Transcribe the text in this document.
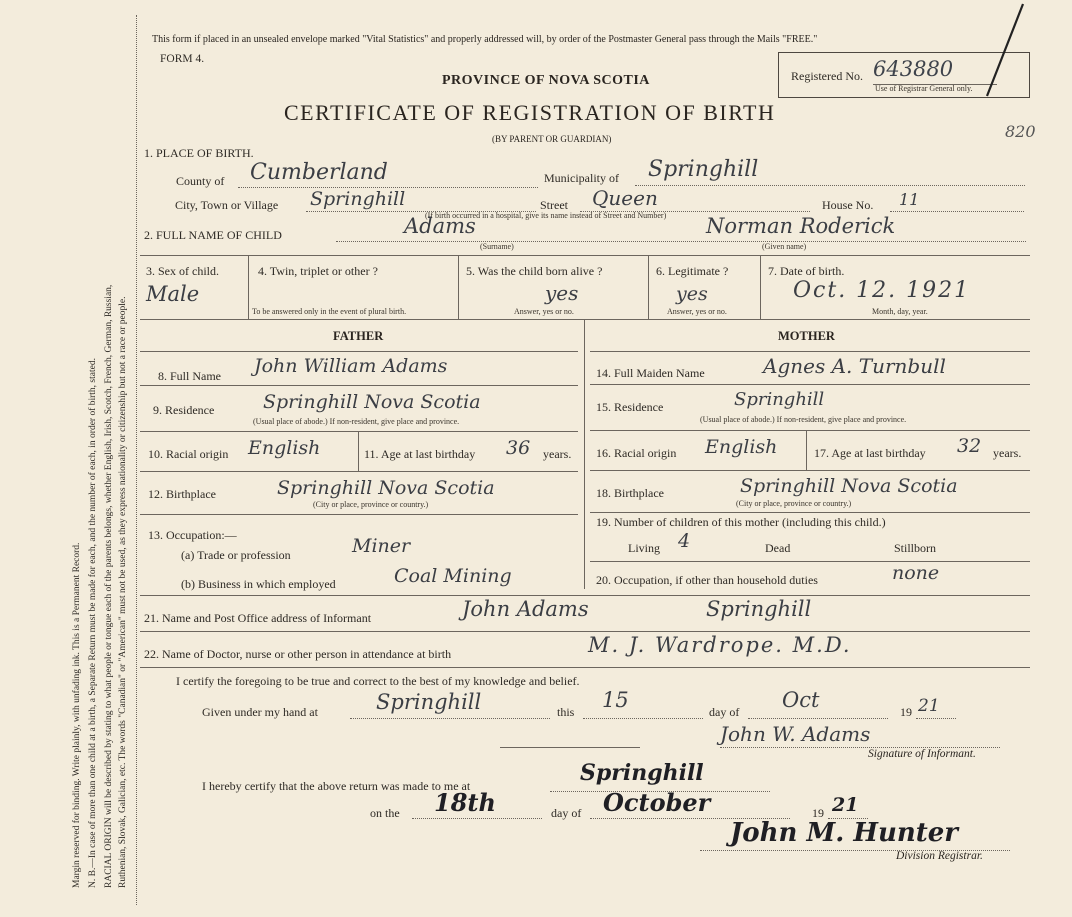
Margin reserved for binding. Write plainly, with unfading ink. This is a Permanent Record. N. B.—In case of more than one child at a birth, a Separate Return must be made for each, and the number of each, in order of birth, stated. RACIAL ORIGIN will be described by stating to what people or tongue each of the parents belongs, whether English, Irish, Scotch, French, German, Russian, Ruthenian, Slovak, Galician, etc. The words "Canadian" or "American" must not be used, as they express nationality or citizenship but not a race or people.
This form if placed in an unsealed envelope marked "Vital Statistics" and properly addressed will, by order of the Postmaster General pass through the Mails "FREE."
FORM 4.
PROVINCE OF NOVA SCOTIA
CERTIFICATE OF REGISTRATION OF BIRTH
(BY PARENT OR GUARDIAN)
Registered No. 643880
Use of Registrar General only.
820
1. PLACE OF BIRTH.
County of Cumberland	Municipality of Springhill
City, Town or Village Springhill	Street Queen	House No. 11
(If birth occurred in a hospital, give its name instead of Street and Number)
2. FULL NAME OF CHILD	Adams
(Surname)
Norman Roderick
(Given name)
3. Sex of child.
Male
4. Twin, triplet or other ?
To be answered only in the event of plural birth.
5. Was the child born alive ?
yes
Answer, yes or no.
6. Legitimate ?
yes
Answer, yes or no.
7. Date of birth.
Oct. 12. 1921
Month, day, year.
FATHER	MOTHER
8. Full Name John William Adams
9. Residence	Springhill Nova Scotia
(Usual place of abode.) If non-resident, give place and province.
10. Racial origin English	11. Age at last birthday 36 years.
12. Birthplace	Springhill Nova Scotia
(City or place, province or country.)
13. Occupation:—
(a) Trade or profession	Miner
(b) Business in which employed	Coal Mining
14. Full Maiden Name	Agnes A. Turnbull
15. Residence	Springhill
(Usual place of abode.) If non-resident, give place and province.
16. Racial origin English	17. Age at last birthday 32 years.
18. Birthplace	Springhill Nova Scotia
(City or place, province or country.)
19. Number of children of this mother (including this child.)
Living 4	Dead	Stillborn
20. Occupation, if other than household duties	none
21. Name and Post Office address of Informant	John Adams	Springhill
22. Name of Doctor, nurse or other person in attendance at birth	M. J. Wardrope. M.D.
I certify the foregoing to be true and correct to the best of my knowledge and belief.
Given under my hand at	Springhill	this 15	day of Oct	19 21
John W. Adams
Signature of Informant.
I hereby certify that the above return was made to me at	Springhill
on the 18th	day of October	19 21
John M. Hunter
Division Registrar.
